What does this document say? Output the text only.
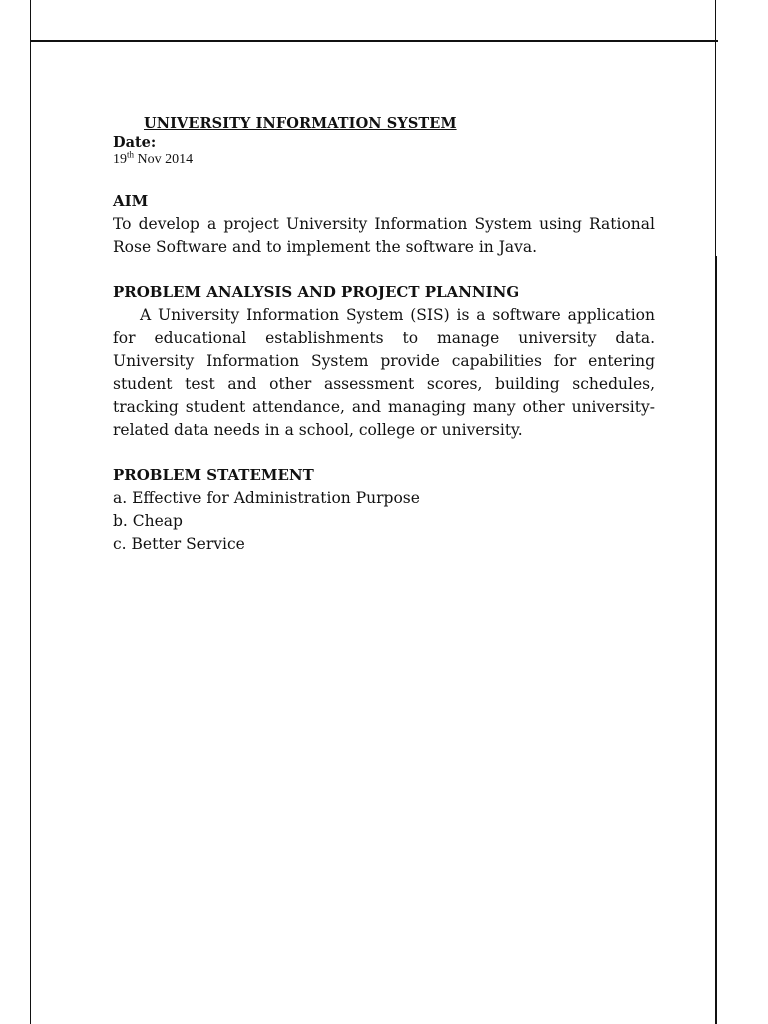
UNIVERSITY INFORMATION SYSTEM

Date:

19th Nov 2014

AIM

To develop a project University Information System using Rational Rose Software and to implement the software in Java.

PROBLEM ANALYSIS AND PROJECT PLANNING

A University Information System (SIS) is a software application for educational establishments to manage university data. University Information System provide capabilities for entering student test and other assessment scores, building schedules, tracking student attendance, and managing many other university-related data needs in a school, college or university.

PROBLEM STATEMENT

a. Effective for Administration Purpose

b. Cheap

c. Better Service
